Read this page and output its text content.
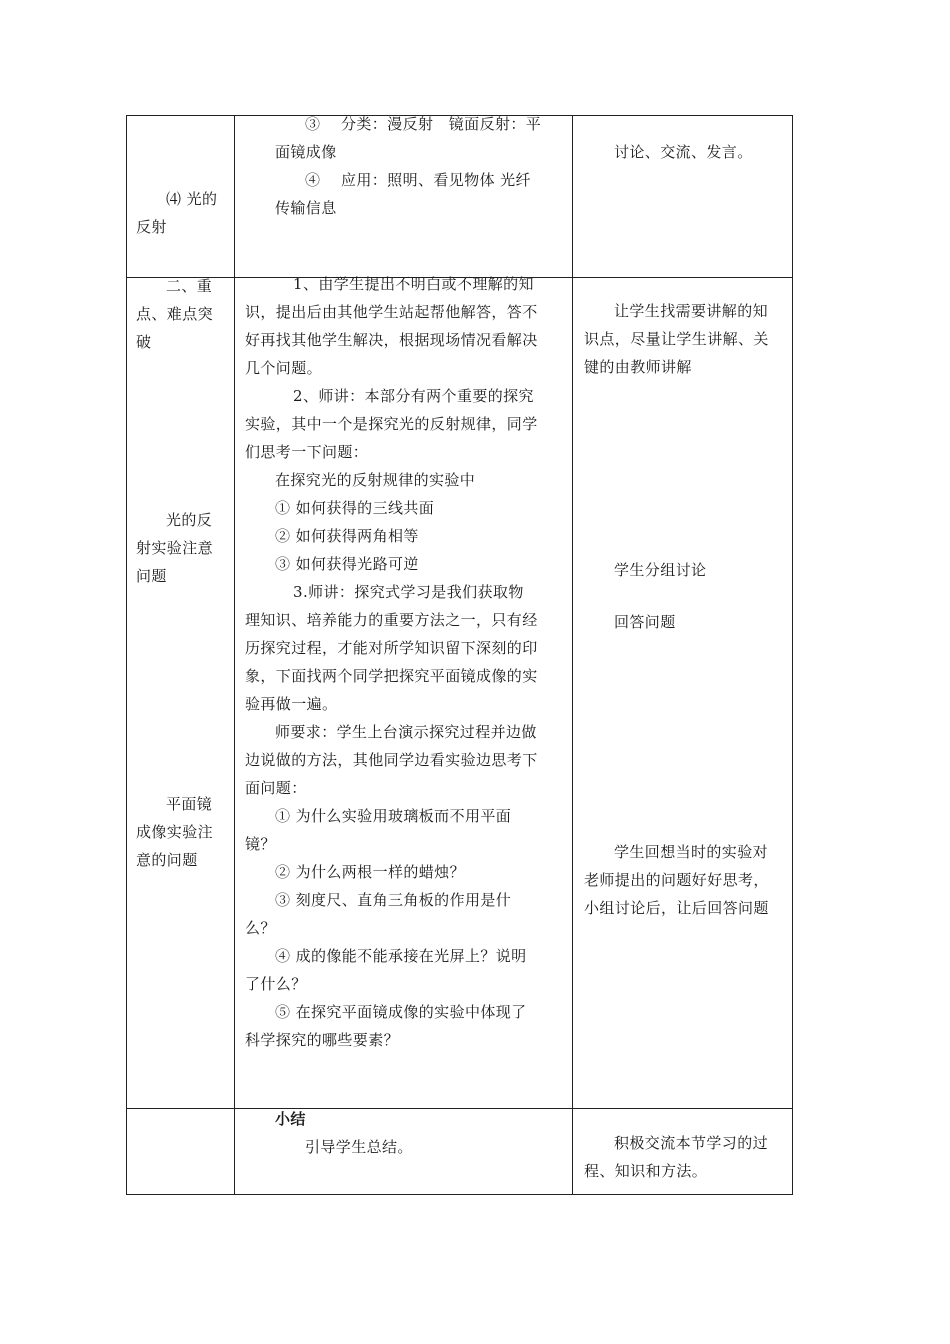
⑷ 光的

反射

③　 分类：漫反射　镜面反射：平

面镜成像

④　 应用：照明、看见物体 光纤

传输信息

讨论、交流、发言。

二、重

点、难点突

破

光的反

射实验注意

问题

平面镜

成像实验注

意的问题

1、由学生提出不明白或不理解的知

识，提出后由其他学生站起帮他解答，答不

好再找其他学生解决，根据现场情况看解决

几个问题。

2、师讲：本部分有两个重要的探究

实验，其中一个是探究光的反射规律，同学

们思考一下问题：

在探究光的反射规律的实验中

① 如何获得的三线共面

② 如何获得两角相等

③ 如何获得光路可逆

3.师讲：探究式学习是我们获取物

理知识、培养能力的重要方法之一，只有经

历探究过程，才能对所学知识留下深刻的印

象，下面找两个同学把探究平面镜成像的实

验再做一遍。

师要求：学生上台演示探究过程并边做

边说做的方法，其他同学边看实验边思考下

面问题：

① 为什么实验用玻璃板而不用平面

镜？

② 为什么两根一样的蜡烛？

③ 刻度尺、直角三角板的作用是什

么？

④ 成的像能不能承接在光屏上？说明

了什么？

⑤ 在探究平面镜成像的实验中体现了

科学探究的哪些要素？

让学生找需要讲解的知

识点，尽量让学生讲解、关

键的由教师讲解

学生分组讨论

回答问题

学生回想当时的实验对

老师提出的问题好好思考，

小组讨论后，让后回答问题

小结

引导学生总结。	积极交流本节学习的过

程、知识和方法。
